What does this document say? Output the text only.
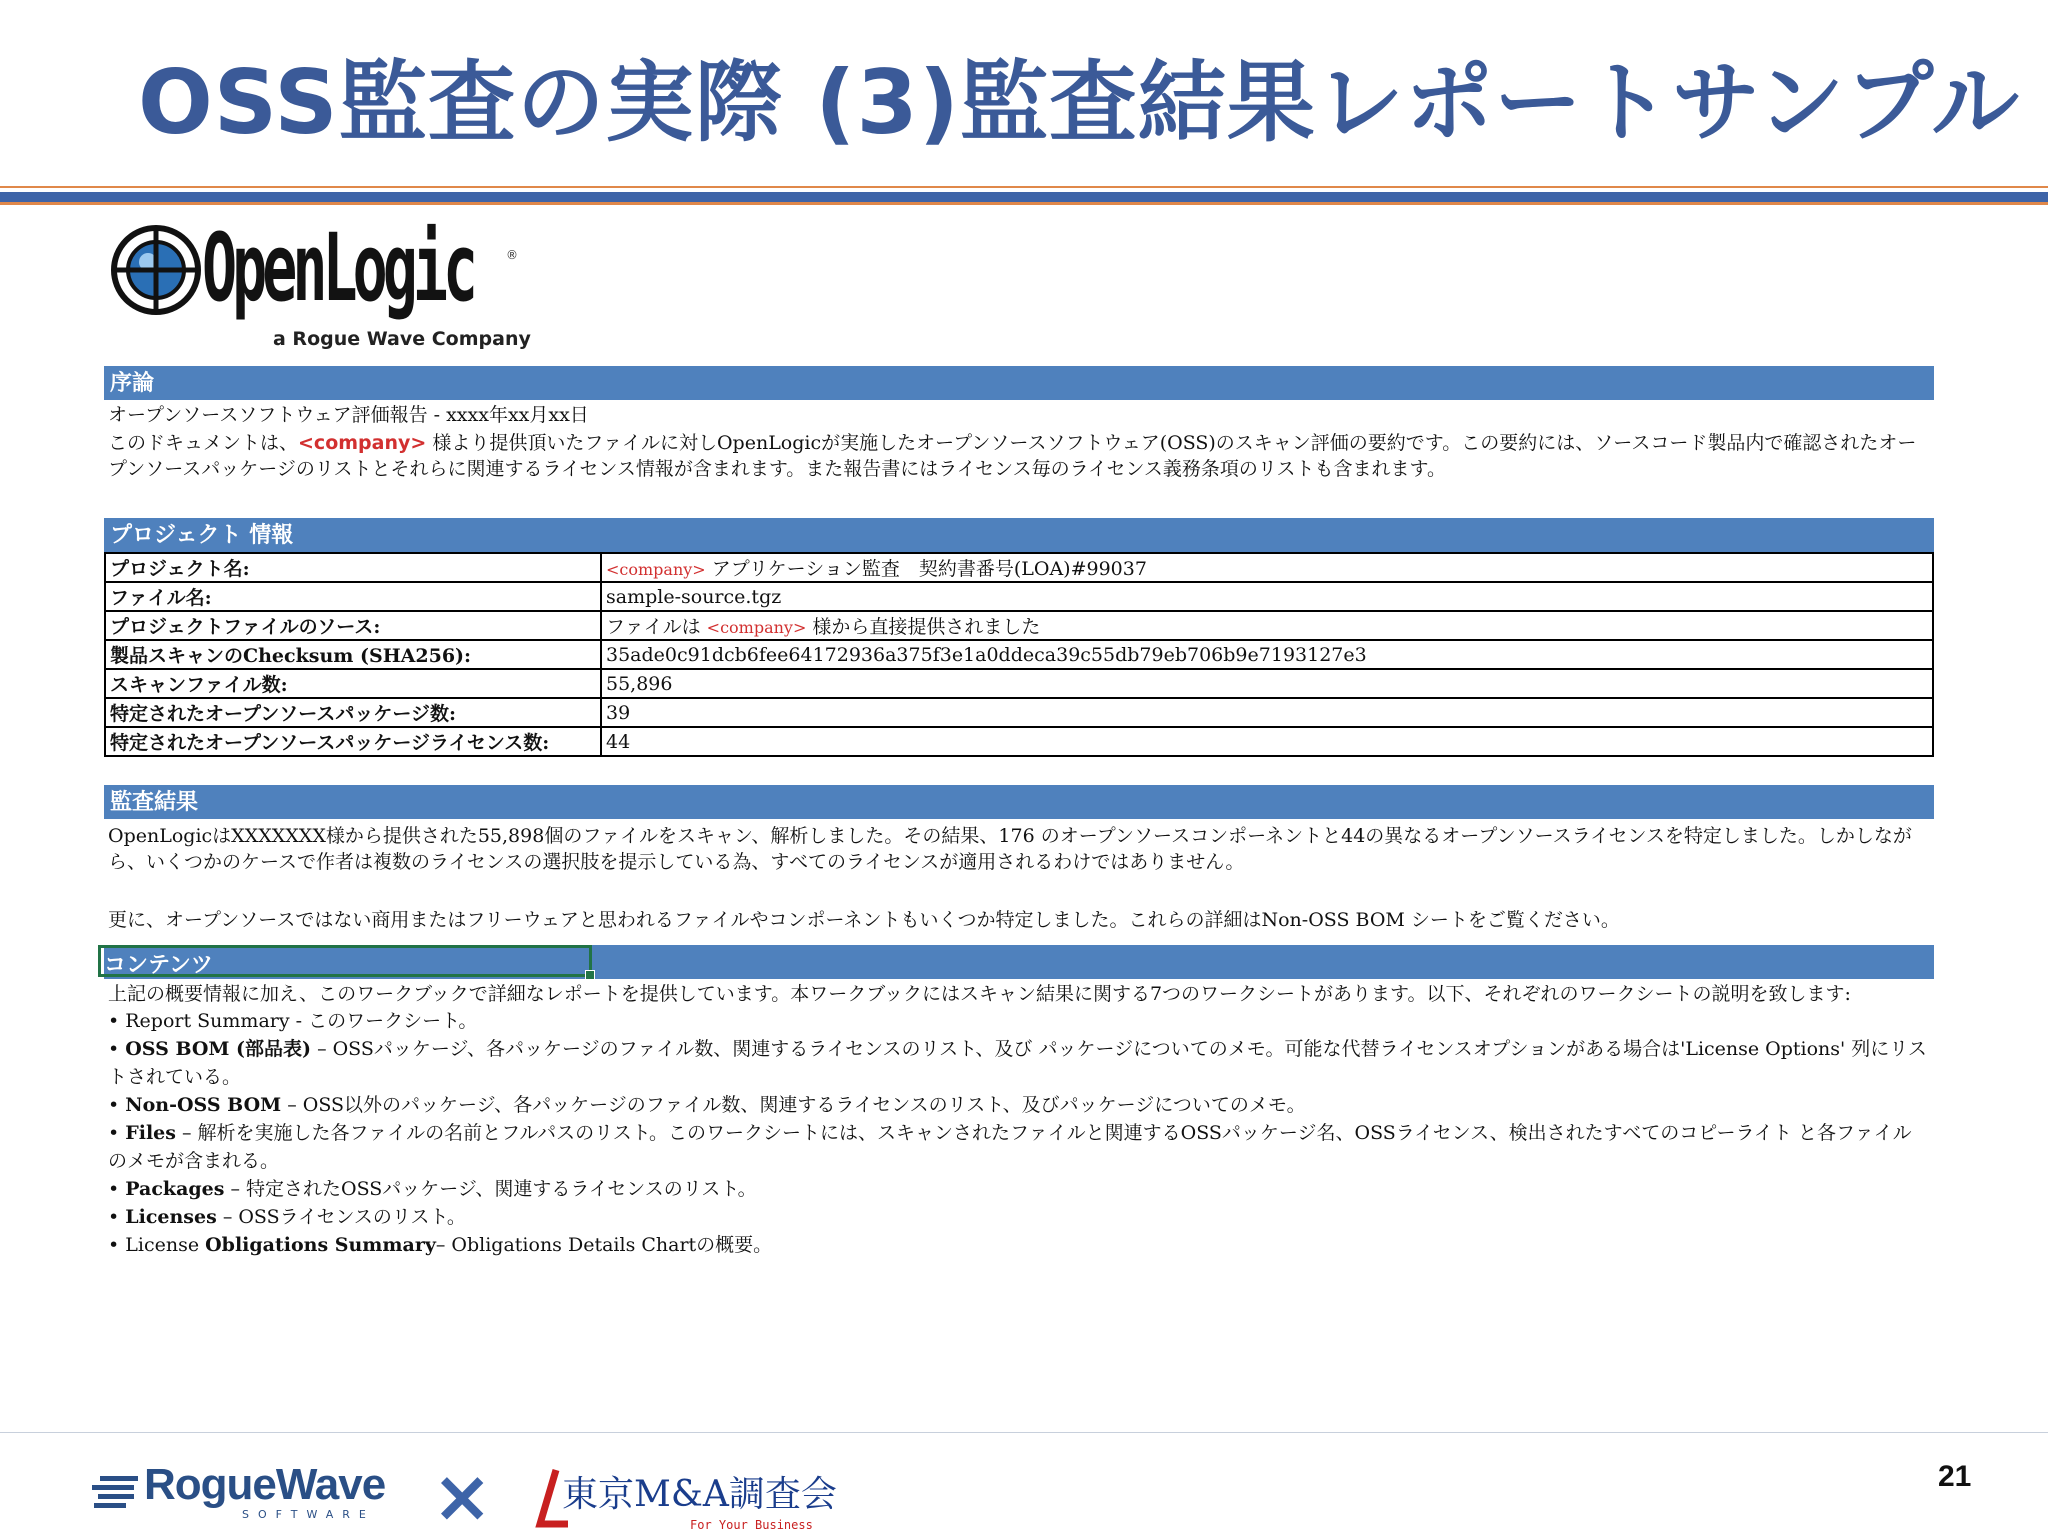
OSS監査の実際 (3)監査結果レポートサンプル
OpenLogic	®
a Rogue Wave Company
序論

オープンソースソフトウェア評価報告 - xxxx年xx月xx日

このドキュメントは、<company> 様より提供頂いたファイルに対しOpenLogicが実施したオープンソースソフトウェア(OSS)のスキャン評価の要約です。この要約には、ソースコード製品内で確認されたオープンソースパッケージのリストとそれらに関連するライセンス情報が含まれます。また報告書にはライセンス毎のライセンス義務条項のリストも含まれます。

プロジェクト 情報
プロジェクト名:	<company> アプリケーション監査　契約書番号(LOA)#99037
ファイル名:	sample-source.tgz
プロジェクトファイルのソース:	ファイルは <company> 様から直接提供されました
製品スキャンのChecksum (SHA256):	35ade0c91dcb6fee64172936a375f3e1a0ddeca39c55db79eb706b9e7193127e3
スキャンファイル数:	55,896
特定されたオープンソースパッケージ数:	39
特定されたオープンソースパッケージライセンス数:	44
監査結果

OpenLogicはXXXXXXX様から提供された55,898個のファイルをスキャン、解析しました。その結果、176 のオープンソースコンポーネントと44の異なるオープンソースライセンスを特定しました。しかしながら、いくつかのケースで作者は複数のライセンスの選択肢を提示している為、すべてのライセンスが適用されるわけではありません。

更に、オープンソースではない商用またはフリーウェアと思われるファイルやコンポーネントもいくつか特定しました。これらの詳細はNon-OSS BOM シートをご覧ください。

コンテンツ

上記の概要情報に加え、このワークブックで詳細なレポートを提供しています。本ワークブックにはスキャン結果に関する7つのワークシートがあります。以下、それぞれのワークシートの説明を致します:

• Report Summary - このワークシート。

• OSS BOM (部品表) – OSSパッケージ、各パッケージのファイル数、関連するライセンスのリスト、及び パッケージについてのメモ。可能な代替ライセンスオプションがある場合は'License Options' 列にリストされている。

• Non-OSS BOM – OSS以外のパッケージ、各パッケージのファイル数、関連するライセンスのリスト、及びパッケージについてのメモ。

• Files – 解析を実施した各ファイルの名前とフルパスのリスト。このワークシートには、スキャンされたファイルと関連するOSSパッケージ名、OSSライセンス、検出されたすべてのコピーライト と各ファイルのメモが含まれる。

• Packages – 特定されたOSSパッケージ、関連するライセンスのリスト。

• Licenses – OSSライセンスのリスト。

• License Obligations Summary– Obligations Details Chartの概要。

RogueWave
SOFTWARE × 東京M&A調査会
For Your Business
21
